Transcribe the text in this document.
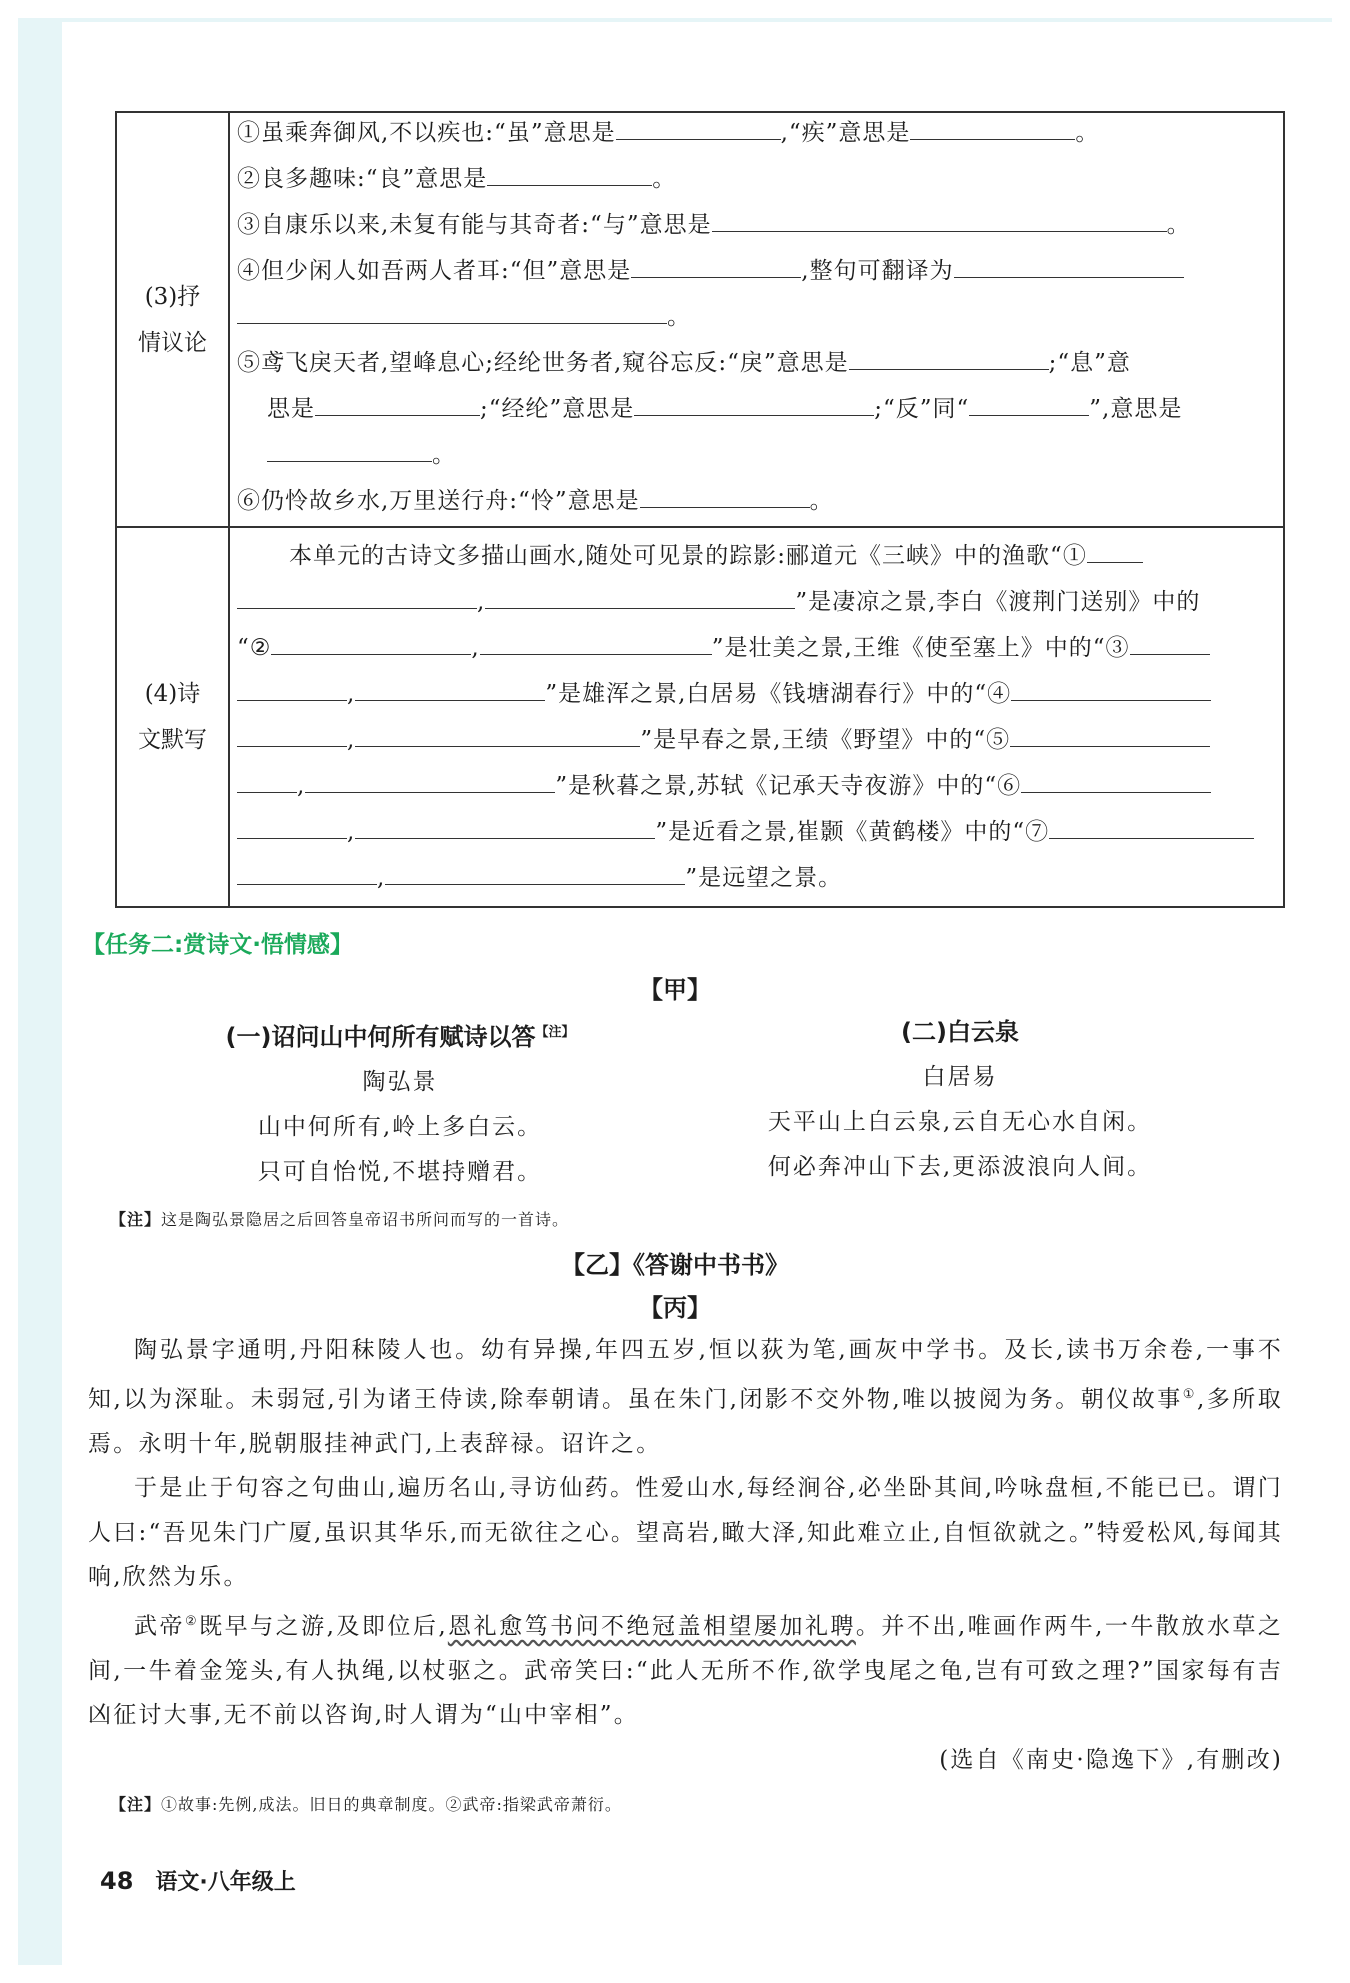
(3)抒情议论
①虽乘奔御风,不以疾也:“虽”意思是	,“疾”意思是	。
②良多趣味:“良”意思是	。
③自康乐以来,未复有能与其奇者:“与”意思是	。
④但少闲人如吾两人者耳:“但”意思是	,整句可翻译为
。
⑤鸢飞戾天者,望峰息心;经纶世务者,窥谷忘反:“戾”意思是	;“息”意
思是	;“经纶”意思是	;“反”同“	”,意思是
。
⑥仍怜故乡水,万里送行舟:“怜”意思是	。
(4)诗文默写
本单元的古诗文多描山画水,随处可见景的踪影:郦道元《三峡》中的渔歌“①
,	”是凄凉之景,李白《渡荆门送别》中的
“②	,	”是壮美之景,王维《使至塞上》中的“③
,	”是雄浑之景,白居易《钱塘湖春行》中的“④
,	”是早春之景,王绩《野望》中的“⑤
,	”是秋暮之景,苏轼《记承天寺夜游》中的“⑥
,	”是近看之景,崔颢《黄鹤楼》中的“⑦
,	”是远望之景。
【任务二:赏诗文·悟情感】
【甲】
(一)诏问山中何所有赋诗以答$^{【注】}$
陶弘景
山中何所有,岭上多白云。
只可自怡悦,不堪持赠君。
(二)白云泉
白居易
天平山上白云泉,云自无心水自闲。
何必奔冲山下去,更添波浪向人间。
【注】这是陶弘景隐居之后回答皇帝诏书所问而写的一首诗。
【乙】《答谢中书书》
【丙】

陶弘景字通明,丹阳秣陵人也。幼有异操,年四五岁,恒以荻为笔,画灰中学书。及长,读书万余卷,一事不知,以为深耻。未弱冠,引为诸王侍读,除奉朝请。虽在朱门,闭影不交外物,唯以披阅为务。朝仪故事①,多所取焉。永明十年,脱朝服挂神武门,上表辞禄。诏许之。

于是止于句容之句曲山,遍历名山,寻访仙药。性爱山水,每经涧谷,必坐卧其间,吟咏盘桓,不能已已。谓门人曰:“吾见朱门广厦,虽识其华乐,而无欲往之心。望高岩,瞰大泽,知此难立止,自恒欲就之。”特爱松风,每闻其响,欣然为乐。

武帝②既早与之游,及即位后,恩礼愈笃书问不绝冠盖相望屡加礼聘。并不出,唯画作两牛,一牛散放水草之间,一牛着金笼头,有人执绳,以杖驱之。武帝笑曰:“此人无所不作,欲学曳尾之龟,岂有可致之理?”国家每有吉凶征讨大事,无不前以咨询,时人谓为“山中宰相”。

(选自《南史·隐逸下》,有删改)

【注】①故事:先例,成法。旧日的典章制度。②武帝:指梁武帝萧衍。
48 语文·八年级上
